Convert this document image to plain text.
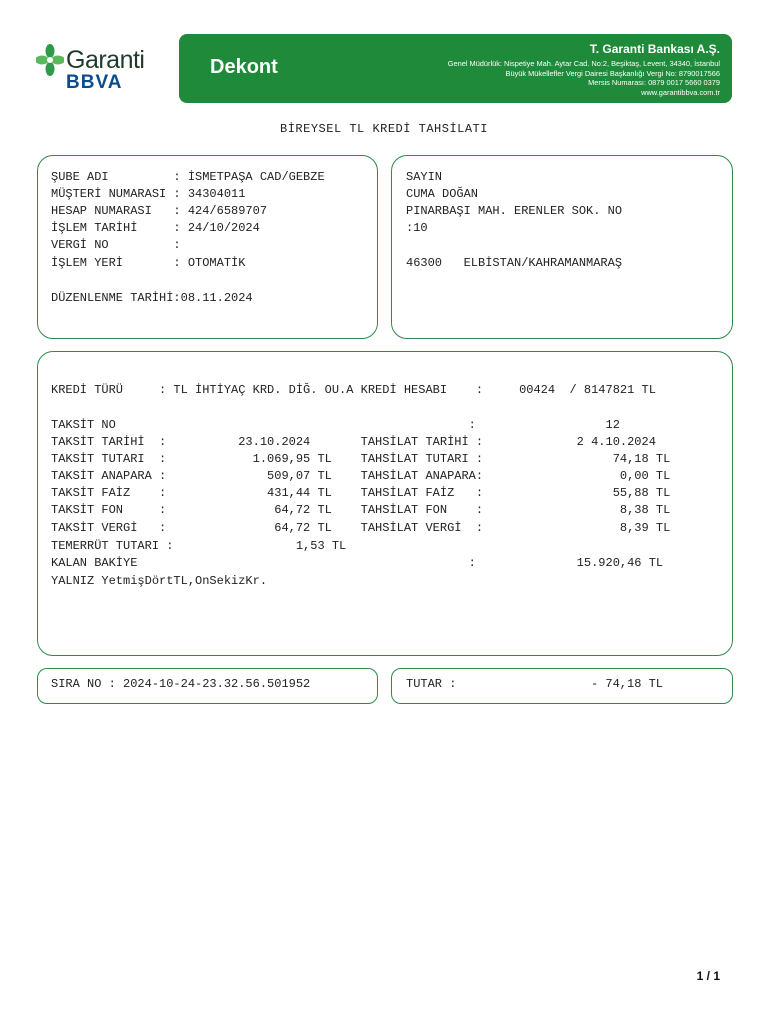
Garanti
BBVA
Dekont
T. Garanti Bankası A.Ş.
Genel Müdürlük: Nispetiye Mah. Aytar Cad. No:2, Beşiktaş, Levent, 34340, İstanbul
Büyük Mükellefler Vergi Dairesi Başkanlığı Vergi No: 8790017566
Mersis Numarası: 0879 0017 5660 0379
www.garantibbva.com.tr
BİREYSEL TL KREDİ TAHSİLATI
ŞUBE ADI         : İSMETPAŞA CAD/GEBZE
MÜŞTERİ NUMARASI : 34304011
HESAP NUMARASI   : 424/6589707
İŞLEM TARİHİ     : 24/10/2024
VERGİ NO         :
İŞLEM YERİ       : OTOMATİK
DÜZENLENME TARİHİ:08.11.2024
SAYIN
CUMA DOĞAN
PINARBAŞI MAH. ERENLER SOK. NO
:10
46300   ELBİSTAN/KAHRAMANMARAŞ
KREDİ TÜRÜ     : TL İHTİYAÇ KRD. DİĞ. OU.A KREDİ HESABI    :     00424  / 8147821 TL
TAKSİT NO                                                 :                  12
TAKSİT TARİHİ  :          23.10.2024       TAHSİLAT TARİHİ :             2 4.10.2024
TAKSİT TUTARI  :            1.069,95 TL    TAHSİLAT TUTARI :                  74,18 TL
TAKSİT ANAPARA :              509,07 TL    TAHSİLAT ANAPARA:                   0,00 TL
TAKSİT FAİZ    :              431,44 TL    TAHSİLAT FAİZ   :                  55,88 TL
TAKSİT FON     :               64,72 TL    TAHSİLAT FON    :                   8,38 TL
TAKSİT VERGİ   :               64,72 TL    TAHSİLAT VERGİ  :                   8,39 TL
TEMERRÜT TUTARI :                 1,53 TL
KALAN BAKİYE                                              :              15.920,46 TL
YALNIZ YetmişDörtTL,OnSekizKr.
SIRA NO : 2024-10-24-23.32.56.501952	TUTAR :	- 74,18 TL
1 / 1
